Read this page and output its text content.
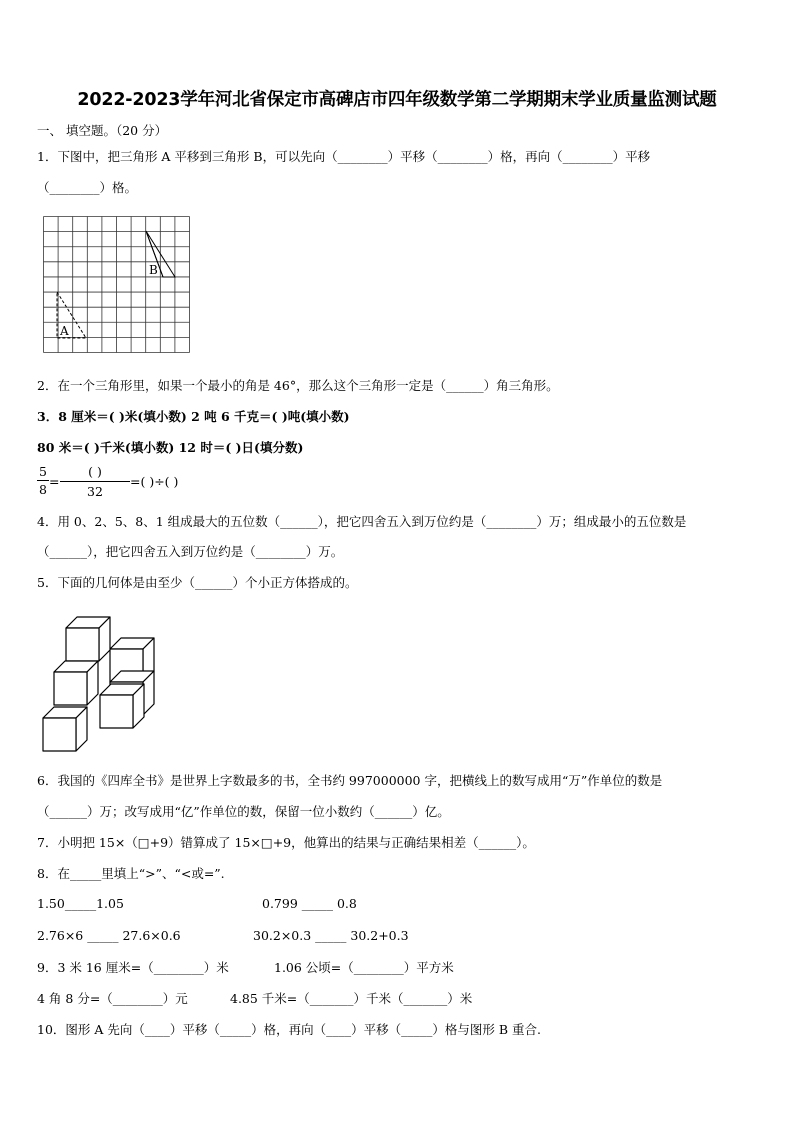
2022-2023学年河北省保定市高碑店市四年级数学第二学期期末学业质量监测试题
一、 填空题。（20 分）
1．下图中，把三角形 A 平移到三角形 B，可以先向（________）平移（________）格，再向（________）平移
（________）格。
B
A
2．在一个三角形里，如果一个最小的角是 46°，那么这个三角形一定是（______）角三角形。
3．8 厘米＝( )米(填小数) 2 吨 6 千克＝( )吨(填小数)
80 米＝( )千米(填小数) 12 时＝( )日(填分数)
5
8
=
( )
32
=( )÷( )
4．用 0、2、5、8、1 组成最大的五位数（______），把它四舍五入到万位约是（________）万；组成最小的五位数是
（______），把它四舍五入到万位约是（________）万。
5．下面的几何体是由至少（______）个小正方体搭成的。
6．我国的《四库全书》是世界上字数最多的书，全书约 997000000 字，把横线上的数写成用“万”作单位的数是
（______）万；改写成用“亿”作单位的数，保留一位小数约（______）亿。
7．小明把 15×（□+9）错算成了 15×□+9，他算出的结果与正确结果相差（______）。
8．在_____里填上“>”、“<或=”.
1.50_____1.05	0.799 _____ 0.8
2.76×6 _____ 27.6×0.6	30.2×0.3 _____ 30.2+0.3
9．3 米 16 厘米=（________）米	1.06 公顷=（________）平方米
4 角 8 分=（________）元	4.85 千米=（_______）千米（_______）米
10．图形 A 先向（____）平移（_____）格，再向（____）平移（_____）格与图形 B 重合.
